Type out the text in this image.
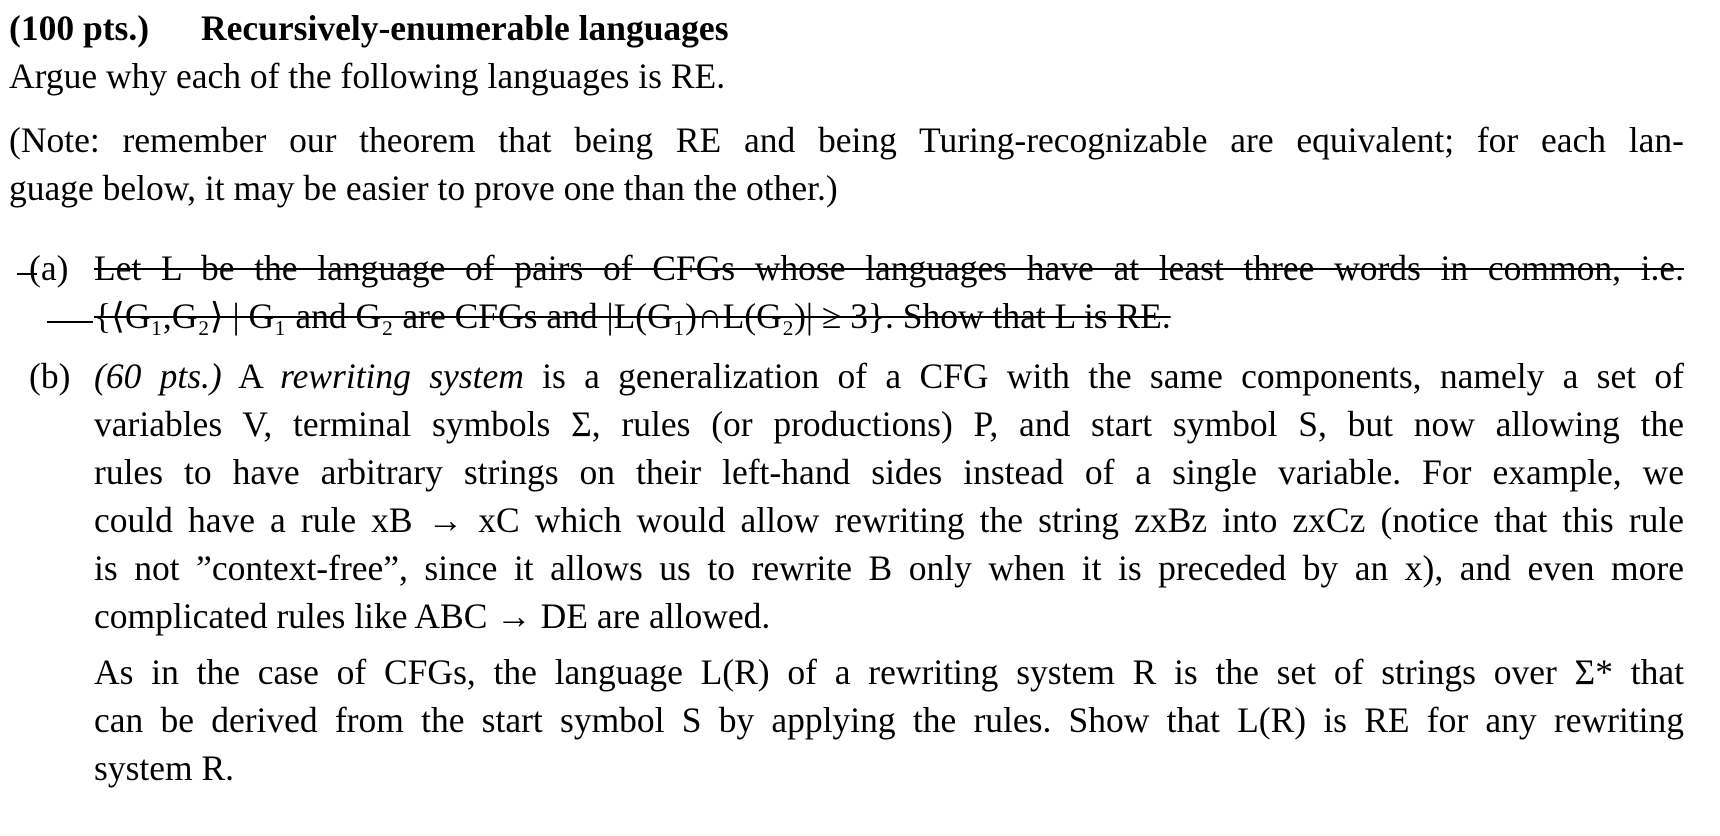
(100 pts.) Recursively-enumerable languages
Argue why each of the following languages is RE.
(Note: remember our theorem that being RE and being Turing-recognizable are equivalent; for each lan-
guage below, it may be easier to prove one than the other.)
(a) Let L be the language of pairs of CFGs whose languages have at least three words in common, i.e.
{⟨G₁,G₂⟩ | G₁ and G₂ are CFGs and |L(G₁)∩L(G₂)| ≥ 3}. Show that L is RE.
(b) (60 pts.) A rewriting system is a generalization of a CFG with the same components, namely a set of
variables V, terminal symbols Σ, rules (or productions) P, and start symbol S, but now allowing the
rules to have arbitrary strings on their left-hand sides instead of a single variable. For example, we
could have a rule xB → xC which would allow rewriting the string zxBz into zxCz (notice that this rule
is not ”context-free”, since it allows us to rewrite B only when it is preceded by an x), and even more
complicated rules like ABC → DE are allowed.
As in the case of CFGs, the language L(R) of a rewriting system R is the set of strings over Σ* that
can be derived from the start symbol S by applying the rules. Show that L(R) is RE for any rewriting
system R.
